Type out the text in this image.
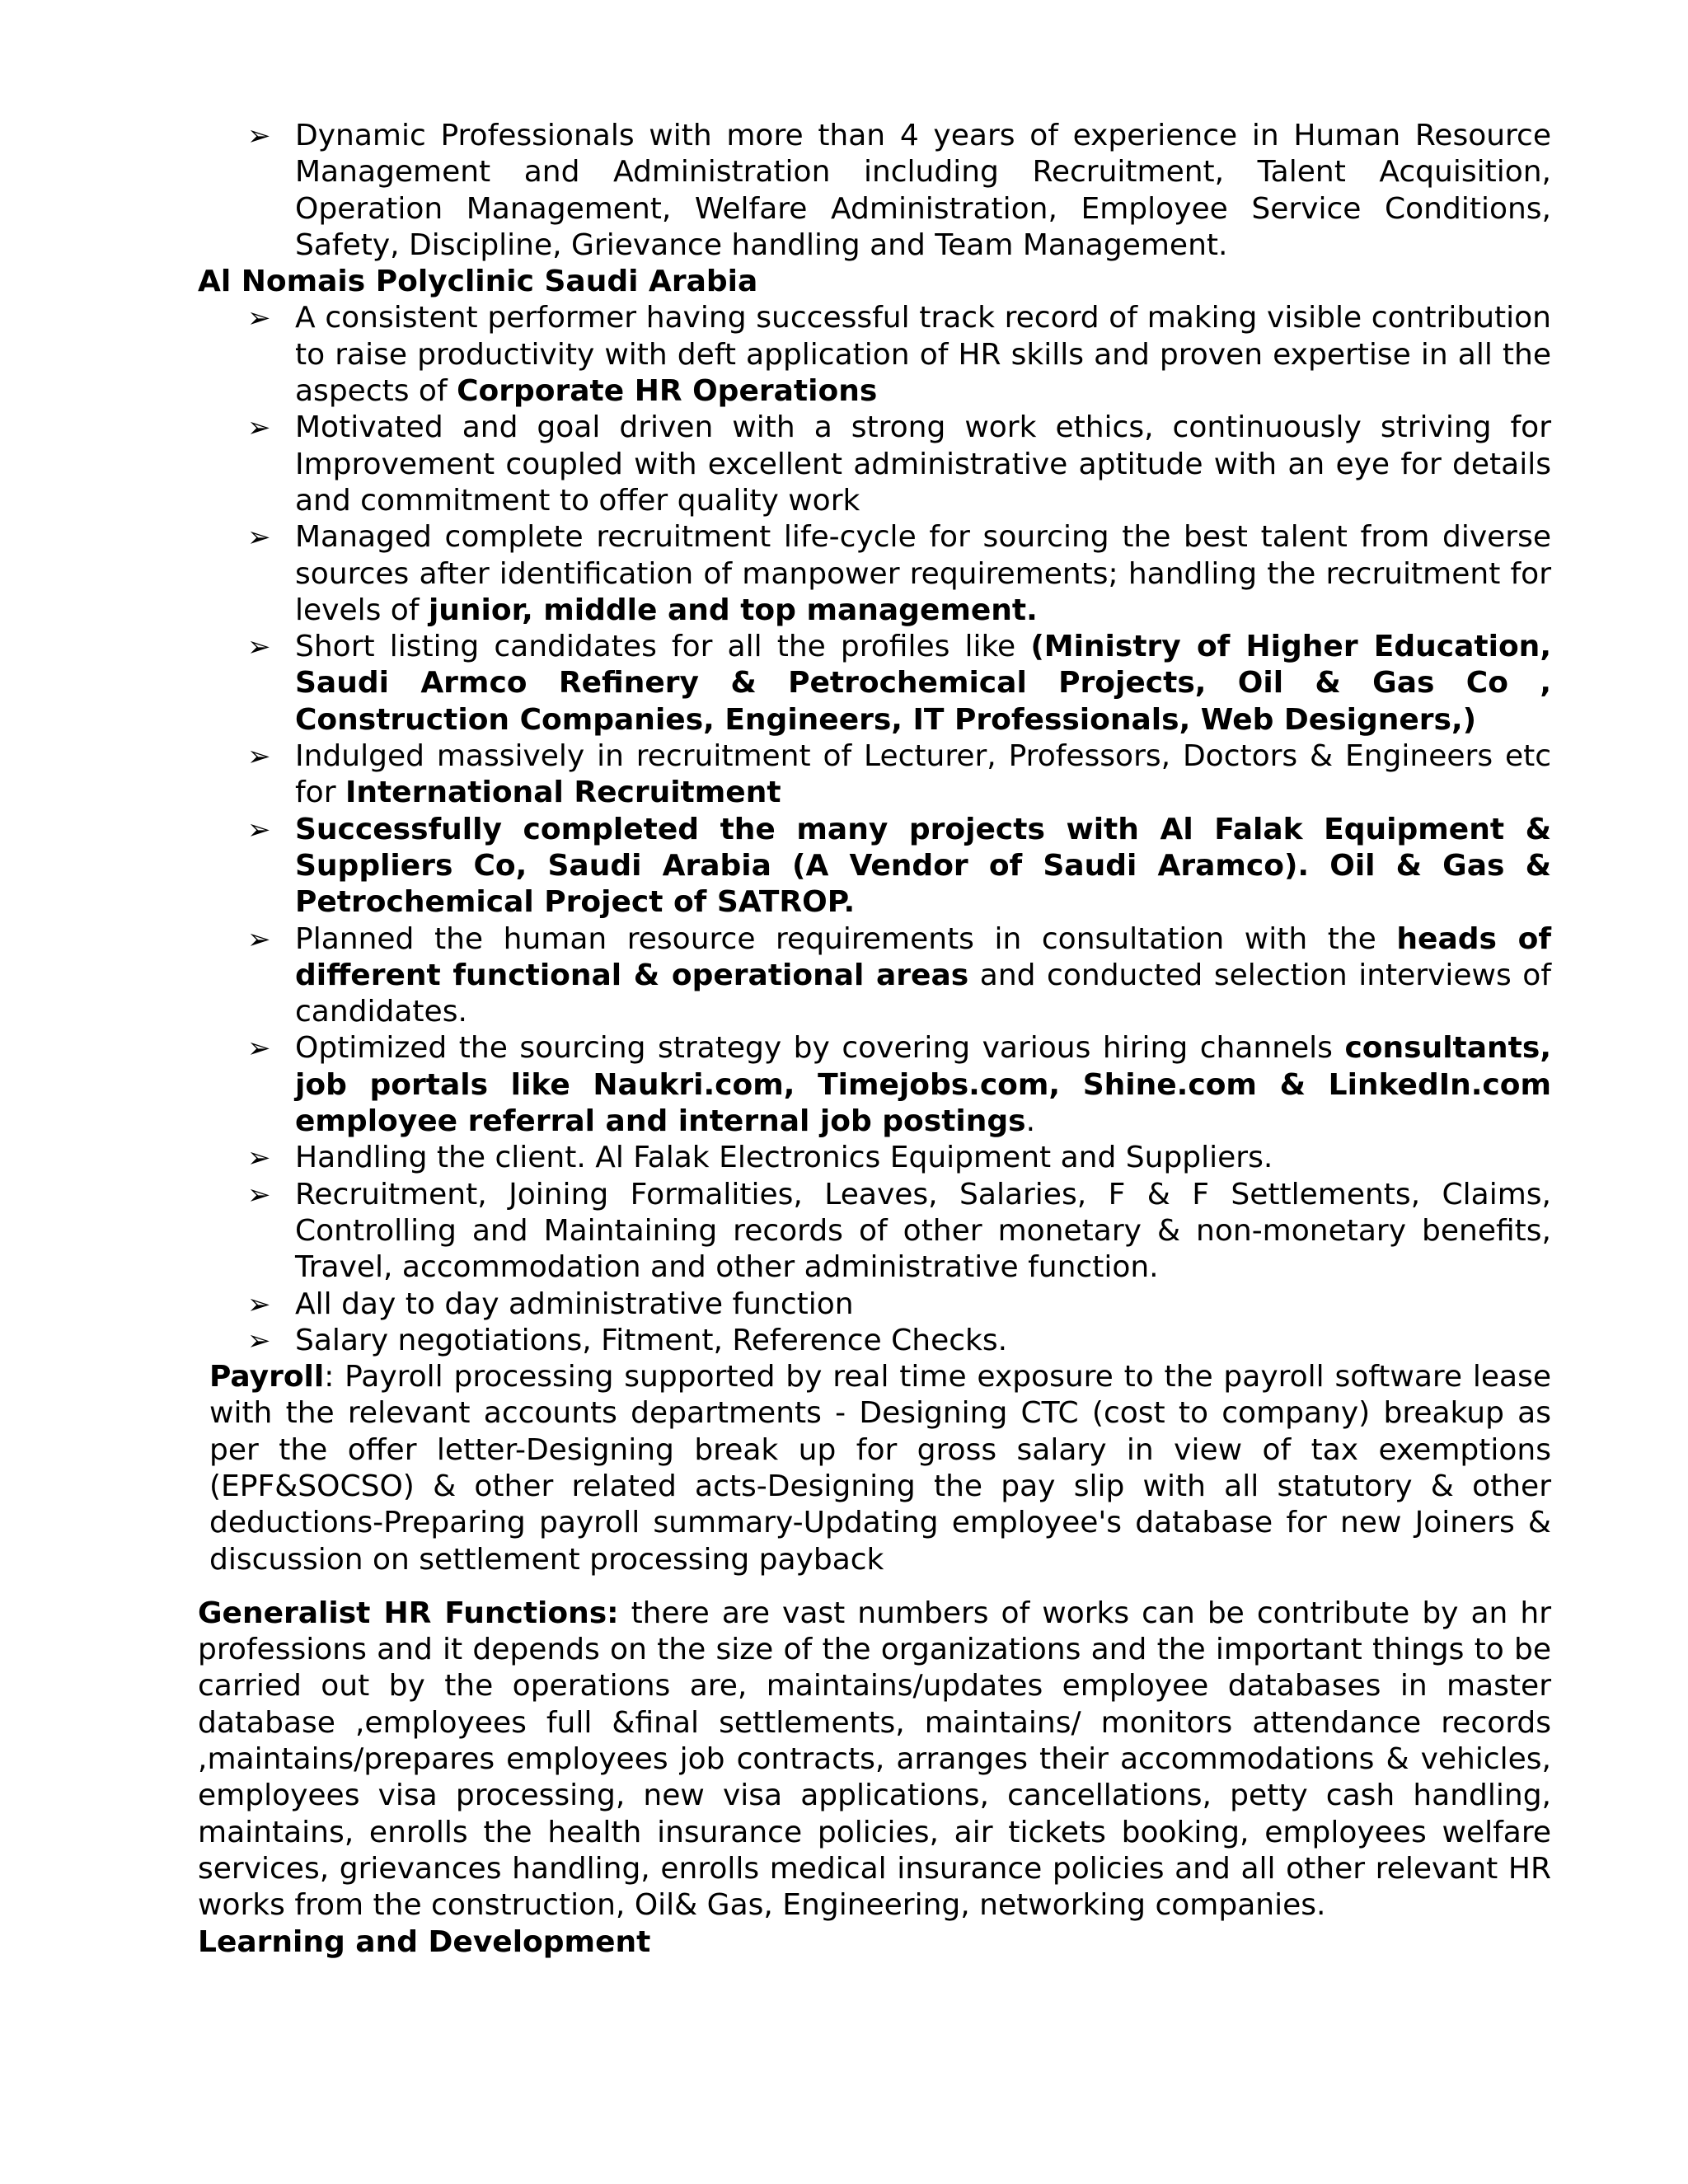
➢ Dynamic Professionals with more than 4 years of experience in Human Resource Management and Administration including Recruitment, Talent Acquisition, Operation Management, Welfare Administration, Employee Service Conditions, Safety, Discipline, Grievance handling and Team Management.

Al Nomais Polyclinic Saudi Arabia

➢ A consistent performer having successful track record of making visible contribution to raise productivity with deft application of HR skills and proven expertise in all the aspects of Corporate HR Operations

➢ Motivated and goal driven with a strong work ethics, continuously striving for Improvement coupled with excellent administrative aptitude with an eye for details and commitment to offer quality work

➢ Managed complete recruitment life-cycle for sourcing the best talent from diverse sources after identification of manpower requirements; handling the recruitment for levels of junior, middle and top management.

➢ Short listing candidates for all the profiles like (Ministry of Higher Education, Saudi Armco Refinery & Petrochemical Projects, Oil & Gas Co , Construction Companies, Engineers, IT Professionals, Web Designers,)

➢ Indulged massively in recruitment of Lecturer, Professors, Doctors & Engineers etc for International Recruitment

➢ Successfully completed the many projects with Al Falak Equipment & Suppliers Co, Saudi Arabia (A Vendor of Saudi Aramco). Oil & Gas & Petrochemical Project of SATROP.

➢ Planned the human resource requirements in consultation with the heads of different functional & operational areas and conducted selection interviews of candidates.

➢ Optimized the sourcing strategy by covering various hiring channels consultants, job portals like Naukri.com, Timejobs.com, Shine.com & LinkedIn.com employee referral and internal job postings.

➢ Handling the client. Al Falak Electronics Equipment and Suppliers.

➢ Recruitment, Joining Formalities, Leaves, Salaries, F & F Settlements, Claims, Controlling and Maintaining records of other monetary & non-monetary benefits, Travel, accommodation and other administrative function.

➢ All day to day administrative function

➢ Salary negotiations, Fitment, Reference Checks.

Payroll: Payroll processing supported by real time exposure to the payroll software lease with the relevant accounts departments - Designing CTC (cost to company) breakup as per the offer letter-Designing break up for gross salary in view of tax exemptions (EPF&SOCSO) & other related acts-Designing the pay slip with all statutory & other deductions-Preparing payroll summary-Updating employee's database for new Joiners & discussion on settlement processing payback

Generalist HR Functions: there are vast numbers of works can be contribute by an hr professions and it depends on the size of the organizations and the important things to be carried out by the operations are, maintains/updates employee databases in master database ,employees full &final settlements, maintains/ monitors attendance records ,maintains/prepares employees job contracts, arranges their accommodations & vehicles, employees visa processing, new visa applications, cancellations, petty cash handling, maintains, enrolls the health insurance policies, air tickets booking, employees welfare services, grievances handling, enrolls medical insurance policies and all other relevant HR works from the construction, Oil& Gas, Engineering, networking companies.

Learning and Development
